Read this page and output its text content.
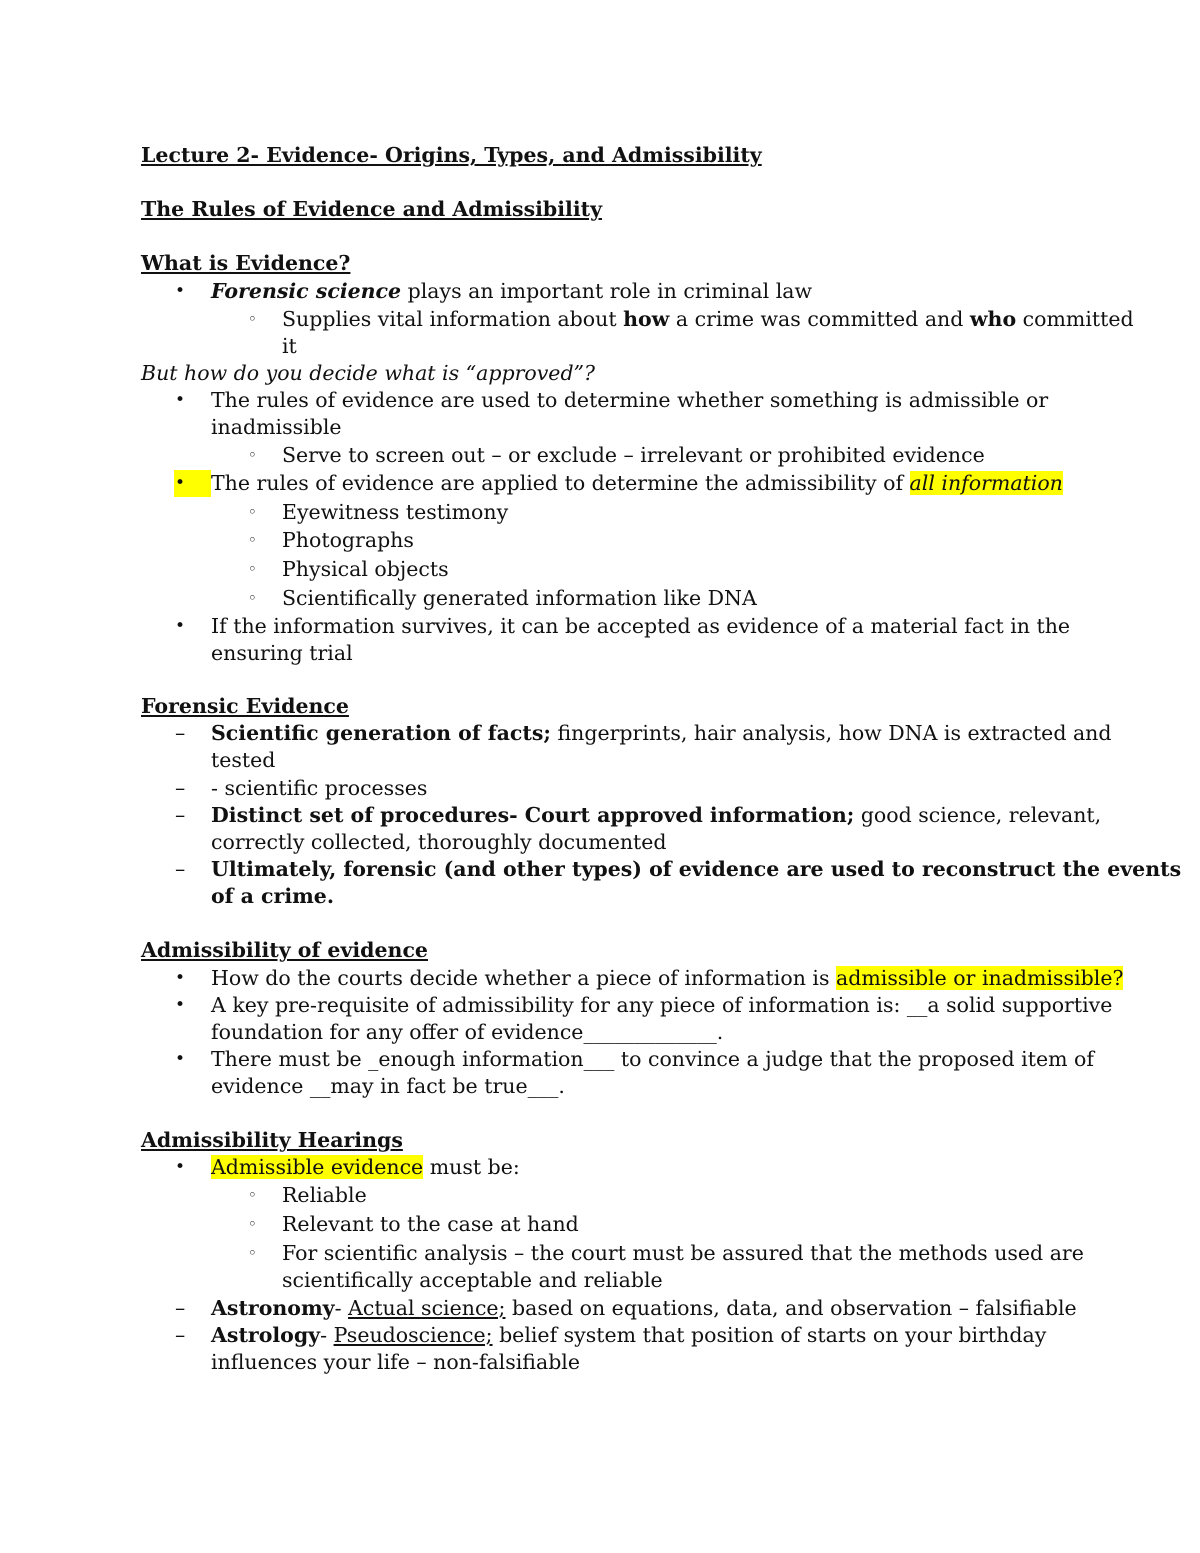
Lecture 2- Evidence- Origins, Types, and Admissibility
The Rules of Evidence and Admissibility
What is Evidence?
• Forensic science plays an important role in criminal law
◦ Supplies vital information about how a crime was committed and who committed
it
But how do you decide what is “approved”?
• The rules of evidence are used to determine whether something is admissible or
inadmissible
◦ Serve to screen out – or exclude – irrelevant or prohibited evidence
•	The rules of evidence are applied to determine the admissibility of all information
◦ Eyewitness testimony
◦ Photographs
◦ Physical objects
◦ Scientifically generated information like DNA
• If the information survives, it can be accepted as evidence of a material fact in the
ensuring trial
Forensic Evidence
– Scientific generation of facts; fingerprints, hair analysis, how DNA is extracted and
tested
– - scientific processes
– Distinct set of procedures- Court approved information; good science, relevant,
correctly collected, thoroughly documented
– Ultimately, forensic (and other types) of evidence are used to reconstruct the events
of a crime.
Admissibility of evidence
• How do the courts decide whether a piece of information is admissible or inadmissible?
• A key pre-requisite of admissibility for any piece of information is: __a solid supportive
foundation for any offer of evidence_____________.
• There must be _enough information___ to convince a judge that the proposed item of
evidence __may in fact be true___.
Admissibility Hearings
• Admissible evidence must be:
◦ Reliable
◦ Relevant to the case at hand
◦ For scientific analysis – the court must be assured that the methods used are
scientifically acceptable and reliable
– Astronomy- Actual science; based on equations, data, and observation – falsifiable
– Astrology- Pseudoscience; belief system that position of starts on your birthday
influences your life – non-falsifiable
